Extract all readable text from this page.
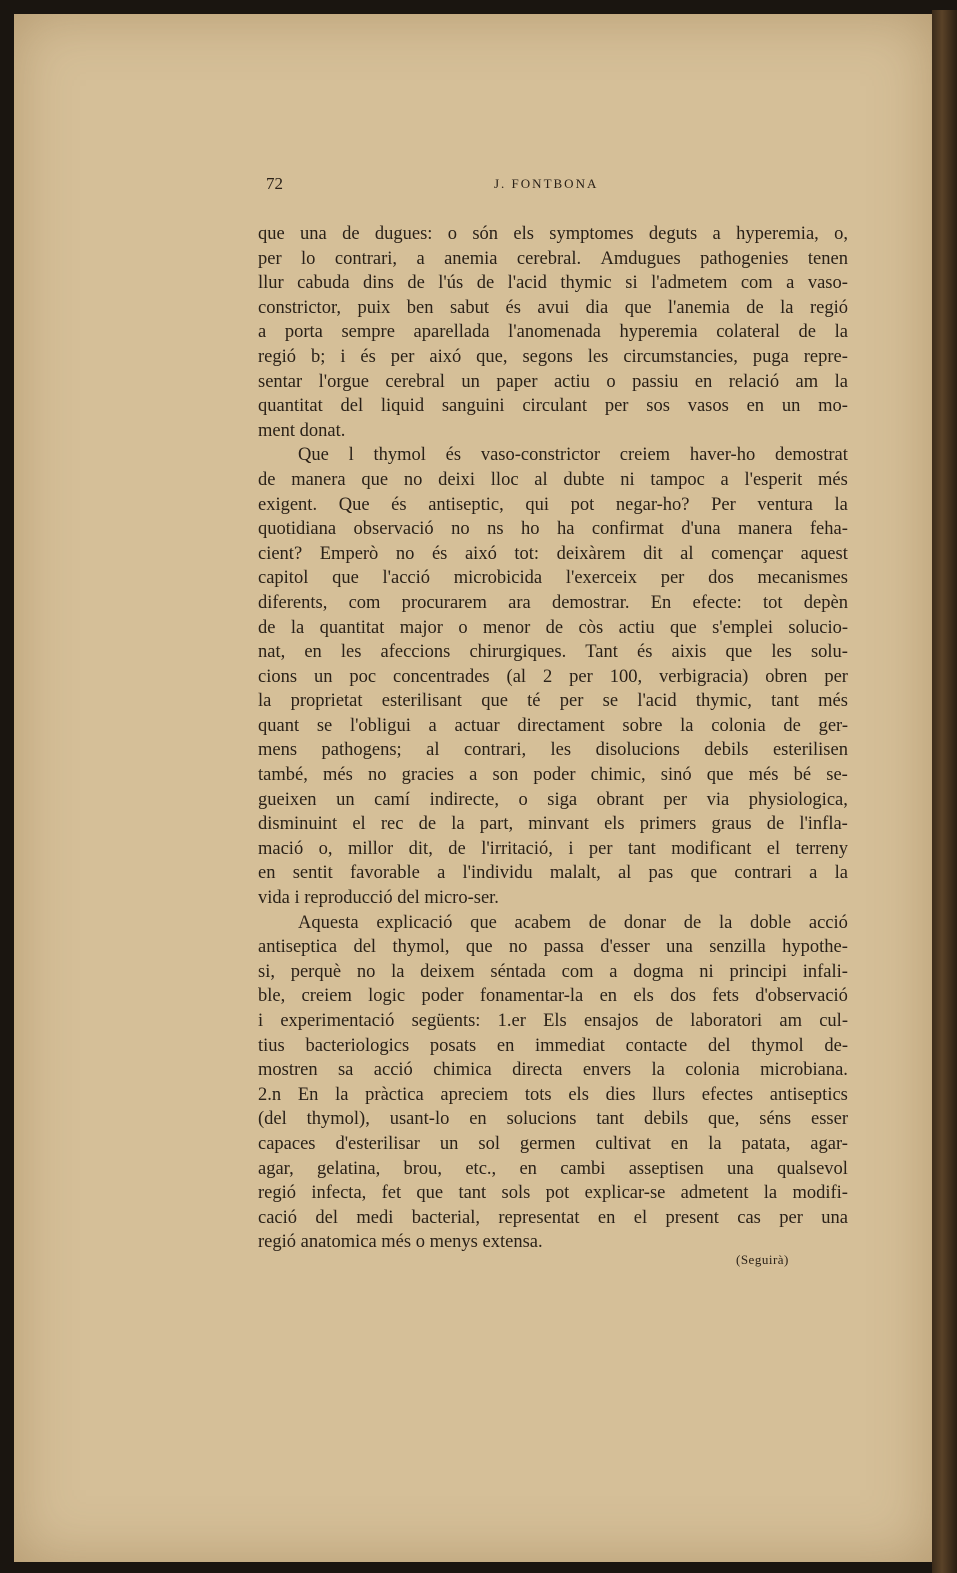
72	J. FONTBONA
que una de dugues: o són els symptomes deguts a hyperemia, o,
per lo contrari, a anemia cerebral. Amdugues pathogenies tenen
llur cabuda dins de l'ús de l'acid thymic si l'admetem com a vaso-
constrictor, puix ben sabut és avui dia que l'anemia de la regió
a porta sempre aparellada l'anomenada hyperemia colateral de la
regió b; i és per aixó que, segons les circumstancies, puga repre-
sentar l'orgue cerebral un paper actiu o passiu en relació am la
quantitat del liquid sanguini circulant per sos vasos en un mo-
ment donat.
Que l thymol és vaso-constrictor creiem haver-ho demostrat
de manera que no deixi lloc al dubte ni tampoc a l'esperit més
exigent. Que és antiseptic, qui pot negar-ho? Per ventura la
quotidiana observació no ns ho ha confirmat d'una manera feha-
cient? Emperò no és aixó tot: deixàrem dit al començar aquest
capitol que l'acció microbicida l'exerceix per dos mecanismes
diferents, com procurarem ara demostrar. En efecte: tot depèn
de la quantitat major o menor de còs actiu que s'emplei solucio-
nat, en les afeccions chirurgiques. Tant és aixis que les solu-
cions un poc concentrades (al 2 per 100, verbigracia) obren per
la proprietat esterilisant que té per se l'acid thymic, tant més
quant se l'obligui a actuar directament sobre la colonia de ger-
mens pathogens; al contrari, les disolucions debils esterilisen
també, més no gracies a son poder chimic, sinó que més bé se-
gueixen un camí indirecte, o siga obrant per via physiologica,
disminuint el rec de la part, minvant els primers graus de l'infla-
mació o, millor dit, de l'irritació, i per tant modificant el terreny
en sentit favorable a l'individu malalt, al pas que contrari a la
vida i reproducció del micro-ser.
Aquesta explicació que acabem de donar de la doble acció
antiseptica del thymol, que no passa d'esser una senzilla hypothe-
si, perquè no la deixem séntada com a dogma ni principi infali-
ble, creiem logic poder fonamentar-la en els dos fets d'observació
i experimentació següents: 1.er Els ensajos de laboratori am cul-
tius bacteriologics posats en immediat contacte del thymol de-
mostren sa acció chimica directa envers la colonia microbiana.
2.n En la pràctica apreciem tots els dies llurs efectes antiseptics
(del thymol), usant-lo en solucions tant debils que, séns esser
capaces d'esterilisar un sol germen cultivat en la patata, agar-
agar, gelatina, brou, etc., en cambi asseptisen una qualsevol
regió infecta, fet que tant sols pot explicar-se admetent la modifi-
cació del medi bacterial, representat en el present cas per una
regió anatomica més o menys extensa.
(Seguirà)
